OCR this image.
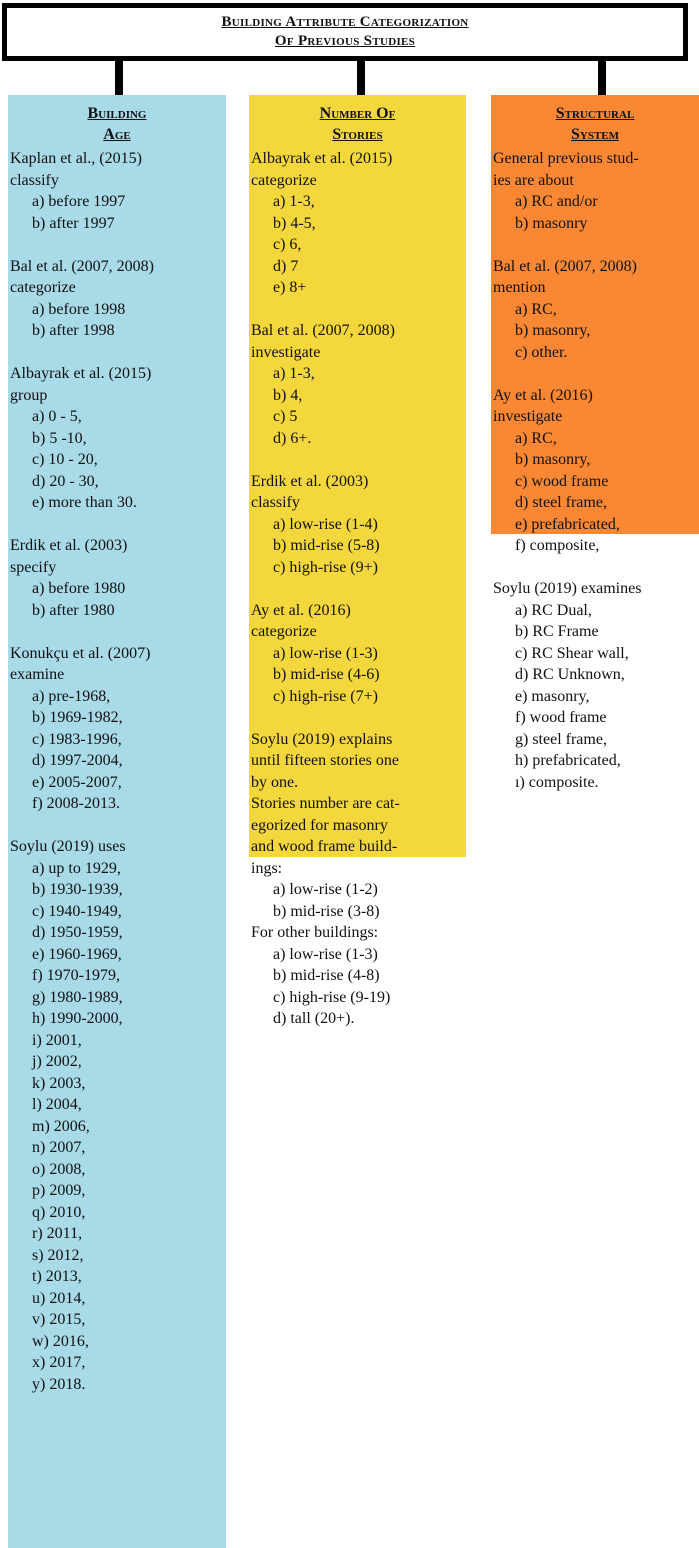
Building Attribute Categorization
Of Previous Studies
Building
Age
Kaplan et al., (2015)
classify
a) before 1997
b) after 1997
Bal et al. (2007, 2008)
categorize
a) before 1998
b) after 1998
Albayrak et al. (2015)
group
a) 0 - 5,
b) 5 -10,
c) 10 - 20,
d) 20 - 30,
e) more than 30.
Erdik et al. (2003)
specify
a) before 1980
b) after 1980
Konukçu et al. (2007)
examine
a) pre-1968,
b) 1969-1982,
c) 1983-1996,
d) 1997-2004,
e) 2005-2007,
f) 2008-2013.
Soylu (2019) uses
a) up to 1929,
b) 1930-1939,
c) 1940-1949,
d) 1950-1959,
e) 1960-1969,
f) 1970-1979,
g) 1980-1989,
h) 1990-2000,
i) 2001,
j) 2002,
k) 2003,
l) 2004,
m) 2006,
n) 2007,
o) 2008,
p) 2009,
q) 2010,
r) 2011,
s) 2012,
t) 2013,
u) 2014,
v) 2015,
w) 2016,
x) 2017,
y) 2018.
Number Of
Stories
Albayrak et al. (2015)
categorize
a) 1-3,
b) 4-5,
c) 6,
d) 7
e) 8+
Bal et al. (2007, 2008)
investigate
a) 1-3,
b) 4,
c) 5
d) 6+.
Erdik et al. (2003)
classify
a) low-rise (1-4)
b) mid-rise (5-8)
c) high-rise (9+)
Ay et al. (2016)
categorize
a) low-rise (1-3)
b) mid-rise (4-6)
c) high-rise (7+)
Soylu (2019) explains
until fifteen stories one
by one.
Stories number are cat-
egorized for masonry
and wood frame build-
ings:
a) low-rise (1-2)
b) mid-rise (3-8)
For other buildings:
a) low-rise (1-3)
b) mid-rise (4-8)
c) high-rise (9-19)
d) tall (20+).
Structural
System
General previous stud-
ies are about
a) RC and/or
b) masonry
Bal et al. (2007, 2008)
mention
a) RC,
b) masonry,
c) other.
Ay et al. (2016)
investigate
a) RC,
b) masonry,
c) wood frame
d) steel frame,
e) prefabricated,
f) composite,
Soylu (2019) examines
a) RC Dual,
b) RC Frame
c) RC Shear wall,
d) RC Unknown,
e) masonry,
f) wood frame
g) steel frame,
h) prefabricated,
ı) composite.
